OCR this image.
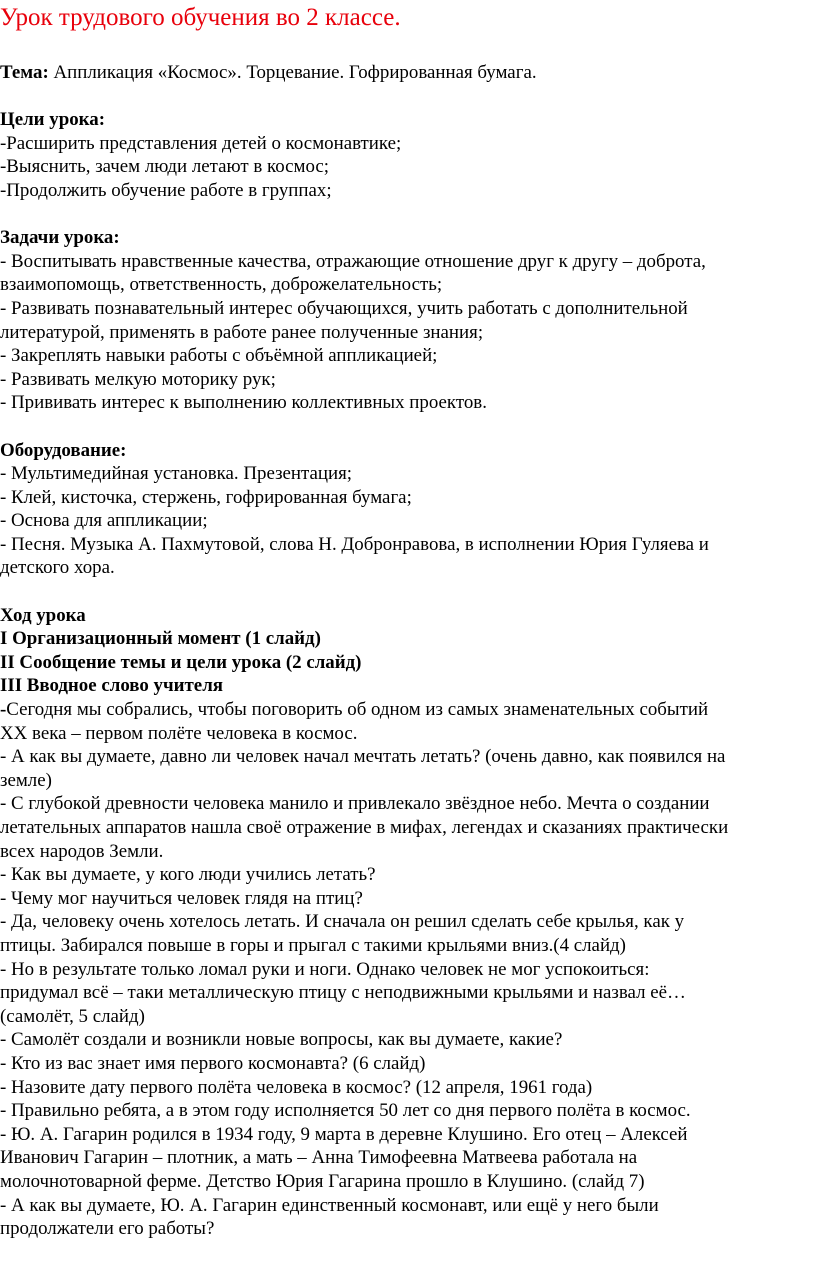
Урок трудового обучения во 2 классе.
Тема: Аппликация «Космос». Торцевание. Гофрированная бумага.
Цели урока:
-Расширить представления детей о космонавтике;
-Выяснить, зачем люди летают в космос;
-Продолжить обучение работе в группах;
Задачи урока:
- Воспитывать нравственные качества, отражающие отношение друг к другу – доброта,
взаимопомощь, ответственность, доброжелательность;
- Развивать познавательный интерес обучающихся, учить работать с дополнительной
литературой, применять в работе ранее полученные знания;
- Закреплять навыки работы с объёмной аппликацией;
- Развивать мелкую моторику рук;
- Прививать интерес к выполнению коллективных проектов.
Оборудование:
- Мультимедийная установка. Презентация;
- Клей, кисточка, стержень, гофрированная бумага;
- Основа для аппликации;
- Песня. Музыка А. Пахмутовой, слова Н. Добронравова, в исполнении Юрия Гуляева и
детского хора.
Ход урока
I Организационный момент (1 слайд)
II Сообщение темы и цели урока (2 слайд)
III Вводное слово учителя
-Сегодня мы собрались, чтобы поговорить об одном из самых знаменательных событий
XX века – первом полёте человека в космос.
- А как вы думаете, давно ли человек начал мечтать летать? (очень давно, как появился на
земле)
- С глубокой древности человека манило и привлекало звёздное небо. Мечта о создании
летательных аппаратов нашла своё отражение в мифах, легендах и сказаниях практически
всех народов Земли.
- Как вы думаете, у кого люди учились летать?
- Чему мог научиться человек глядя на птиц?
- Да, человеку очень хотелось летать. И сначала он решил сделать себе крылья, как у
птицы. Забирался повыше в горы и прыгал с такими крыльями вниз.(4 слайд)
- Но в результате только ломал руки и ноги. Однако человек не мог успокоиться:
придумал всё – таки металлическую птицу с неподвижными крыльями и назвал её…
(самолёт, 5 слайд)
- Самолёт создали и возникли новые вопросы, как вы думаете, какие?
- Кто из вас знает имя первого космонавта? (6 слайд)
- Назовите дату первого полёта человека в космос? (12 апреля, 1961 года)
- Правильно ребята, а в этом году исполняется 50 лет со дня первого полёта в космос.
- Ю. А. Гагарин родился в 1934 году, 9 марта в деревне Клушино. Его отец – Алексей
Иванович Гагарин – плотник, а мать – Анна Тимофеевна Матвеева работала на
молочнотоварной ферме. Детство Юрия Гагарина прошло в Клушино. (слайд 7)
- А как вы думаете, Ю. А. Гагарин единственный космонавт, или ещё у него были
продолжатели его работы?
